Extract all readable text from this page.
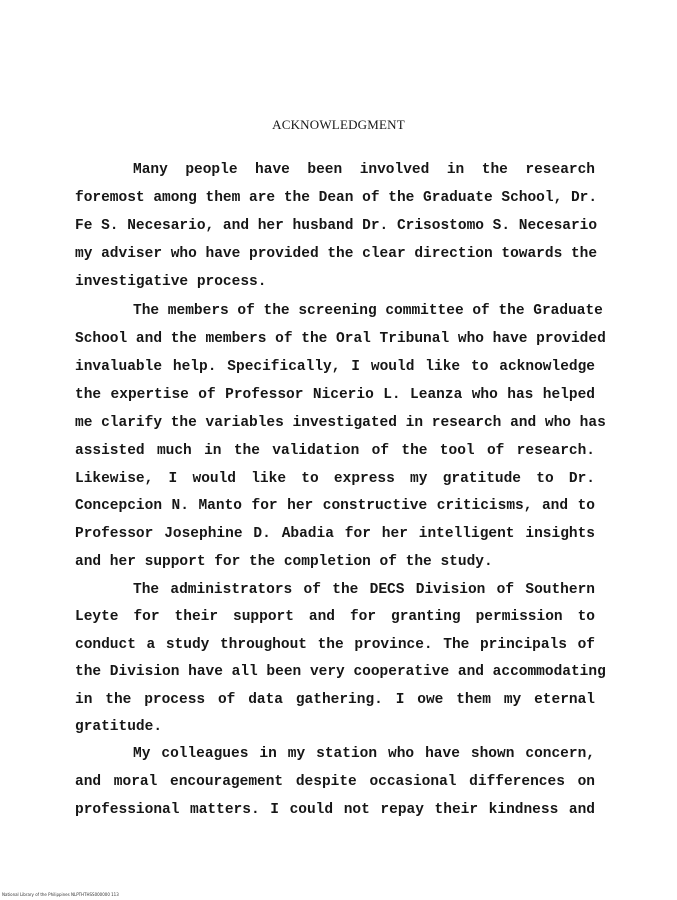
ACKNOWLEDGMENT
Many people have been involved in the research
foremost among them are the Dean of the Graduate School, Dr.
Fe S. Necesario, and her husband Dr. Crisostomo S. Necesario
my adviser who have provided the clear direction towards the
investigative process.
The members of the screening committee of the Graduate
School and the members of the Oral Tribunal who have provided
invaluable help. Specifically, I would like to acknowledge
the expertise of Professor Nicerio L. Leanza who has helped
me clarify the variables investigated in research and who has
assisted much in the validation of the tool of research.
Likewise, I would like to express my gratitude to Dr.
Concepcion N. Manto for her constructive criticisms, and to
Professor Josephine D. Abadia for her intelligent insights
and her support for the completion of the study.
The administrators of the DECS Division of Southern
Leyte for their support and for granting permission to
conduct a study throughout the province. The principals of
the Division have all been very cooperative and accommodating
in the process of data gathering. I owe them my eternal
gratitude.
My colleagues in my station who have shown concern,
and moral encouragement despite occasional differences on
professional matters. I could not repay their kindness and
National Library of the Philippines NLPTHTHSS000000 113
